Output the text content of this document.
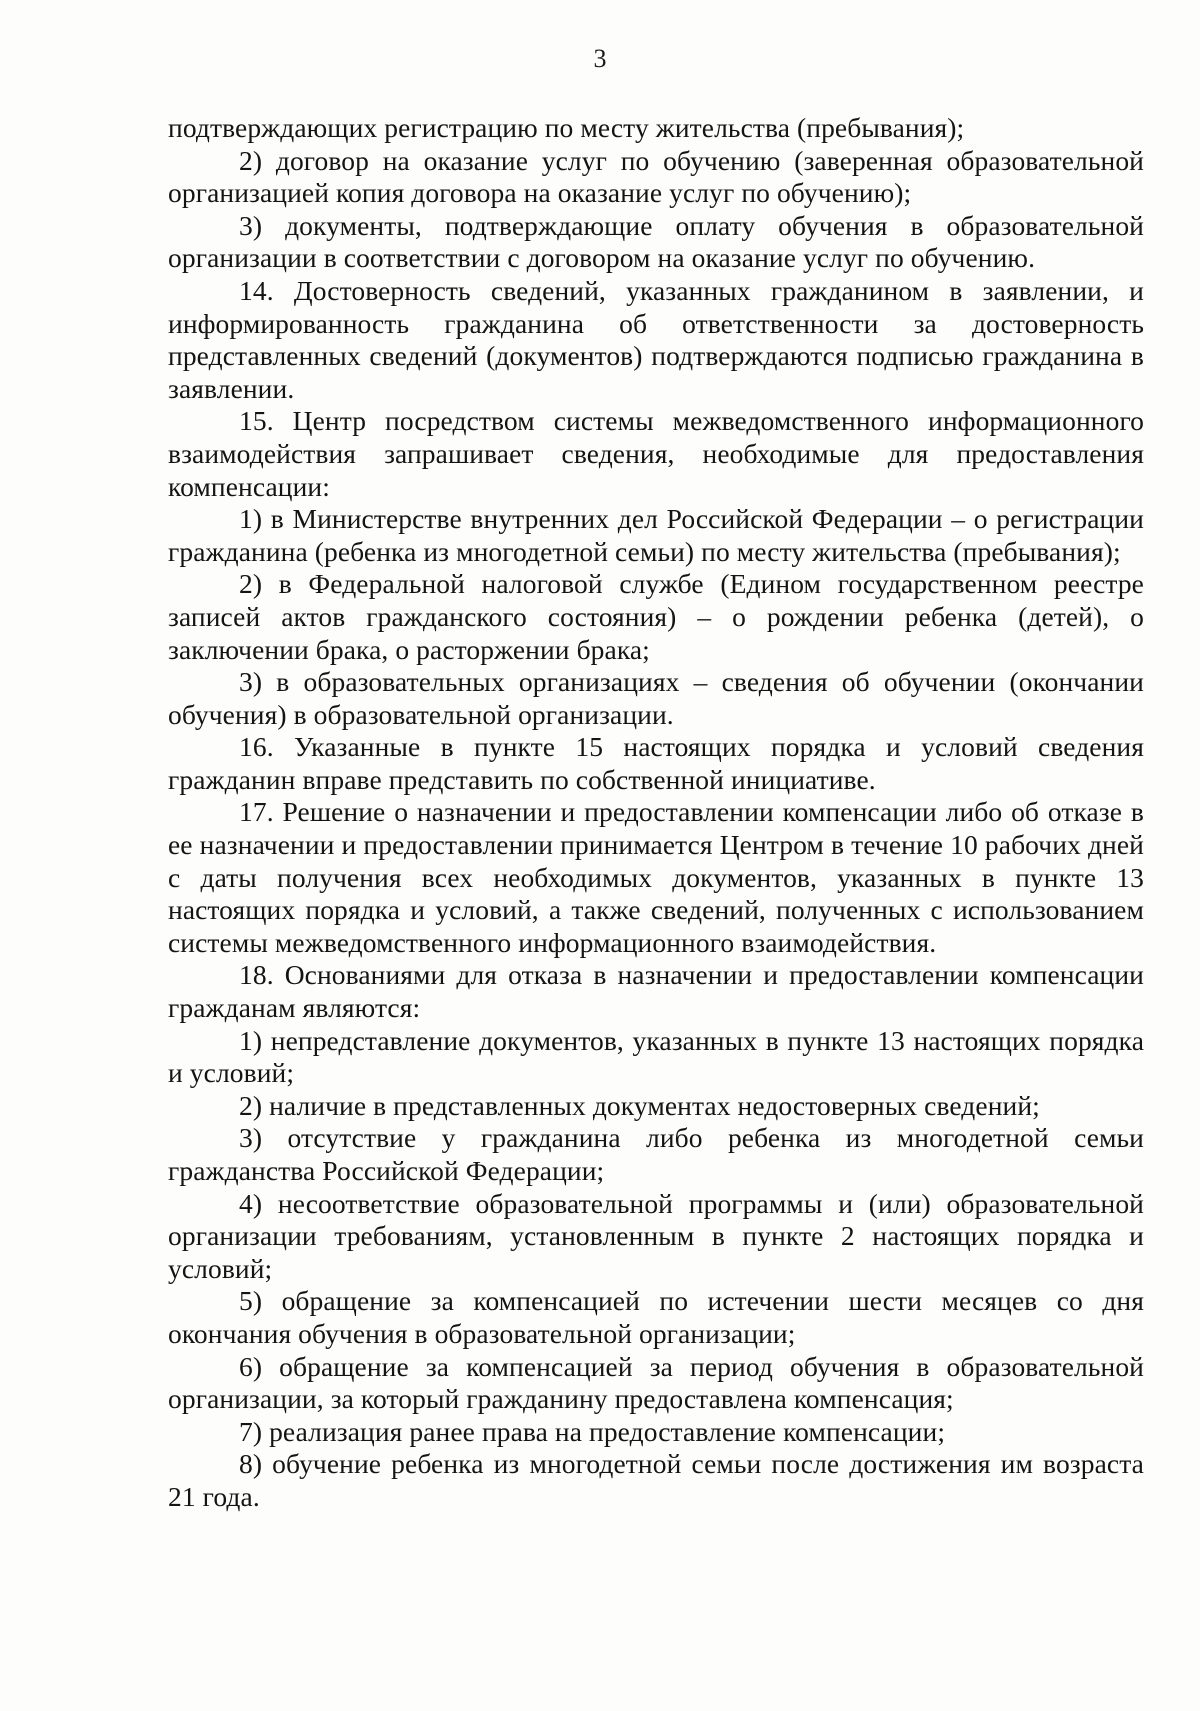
3

подтверждающих регистрацию по месту жительства (пребывания);

2) договор на оказание услуг по обучению (заверенная образовательной организацией копия договора на оказание услуг по обучению);

3) документы, подтверждающие оплату обучения в образовательной организации в соответствии с договором на оказание услуг по обучению.

14. Достоверность сведений, указанных гражданином в заявлении, и информированность гражданина об ответственности за достоверность представленных сведений (документов) подтверждаются подписью гражданина в заявлении.

15. Центр посредством системы межведомственного информационного взаимодействия запрашивает сведения, необходимые для предоставления компенсации:

1) в Министерстве внутренних дел Российской Федерации – о регистрации гражданина (ребенка из многодетной семьи) по месту жительства (пребывания);

2) в Федеральной налоговой службе (Едином государственном реестре записей актов гражданского состояния) – о рождении ребенка (детей), о заключении брака, о расторжении брака;

3) в образовательных организациях – сведения об обучении (окончании обучения) в образовательной организации.

16. Указанные в пункте 15 настоящих порядка и условий сведения гражданин вправе представить по собственной инициативе.

17. Решение о назначении и предоставлении компенсации либо об отказе в ее назначении и предоставлении принимается Центром в течение 10 рабочих дней с даты получения всех необходимых документов, указанных в пункте 13 настоящих порядка и условий, а также сведений, полученных с использованием системы межведомственного информационного взаимодействия.

18. Основаниями для отказа в назначении и предоставлении компенсации гражданам являются:

1) непредставление документов, указанных в пункте 13 настоящих порядка и условий;

2) наличие в представленных документах недостоверных сведений;

3) отсутствие у гражданина либо ребенка из многодетной семьи гражданства Российской Федерации;

4) несоответствие образовательной программы и (или) образовательной организации требованиям, установленным в пункте 2 настоящих порядка и условий;

5) обращение за компенсацией по истечении шести месяцев со дня окончания обучения в образовательной организации;

6) обращение за компенсацией за период обучения в образовательной организации, за который гражданину предоставлена компенсация;

7) реализация ранее права на предоставление компенсации;

8) обучение ребенка из многодетной семьи после достижения им возраста 21 года.
